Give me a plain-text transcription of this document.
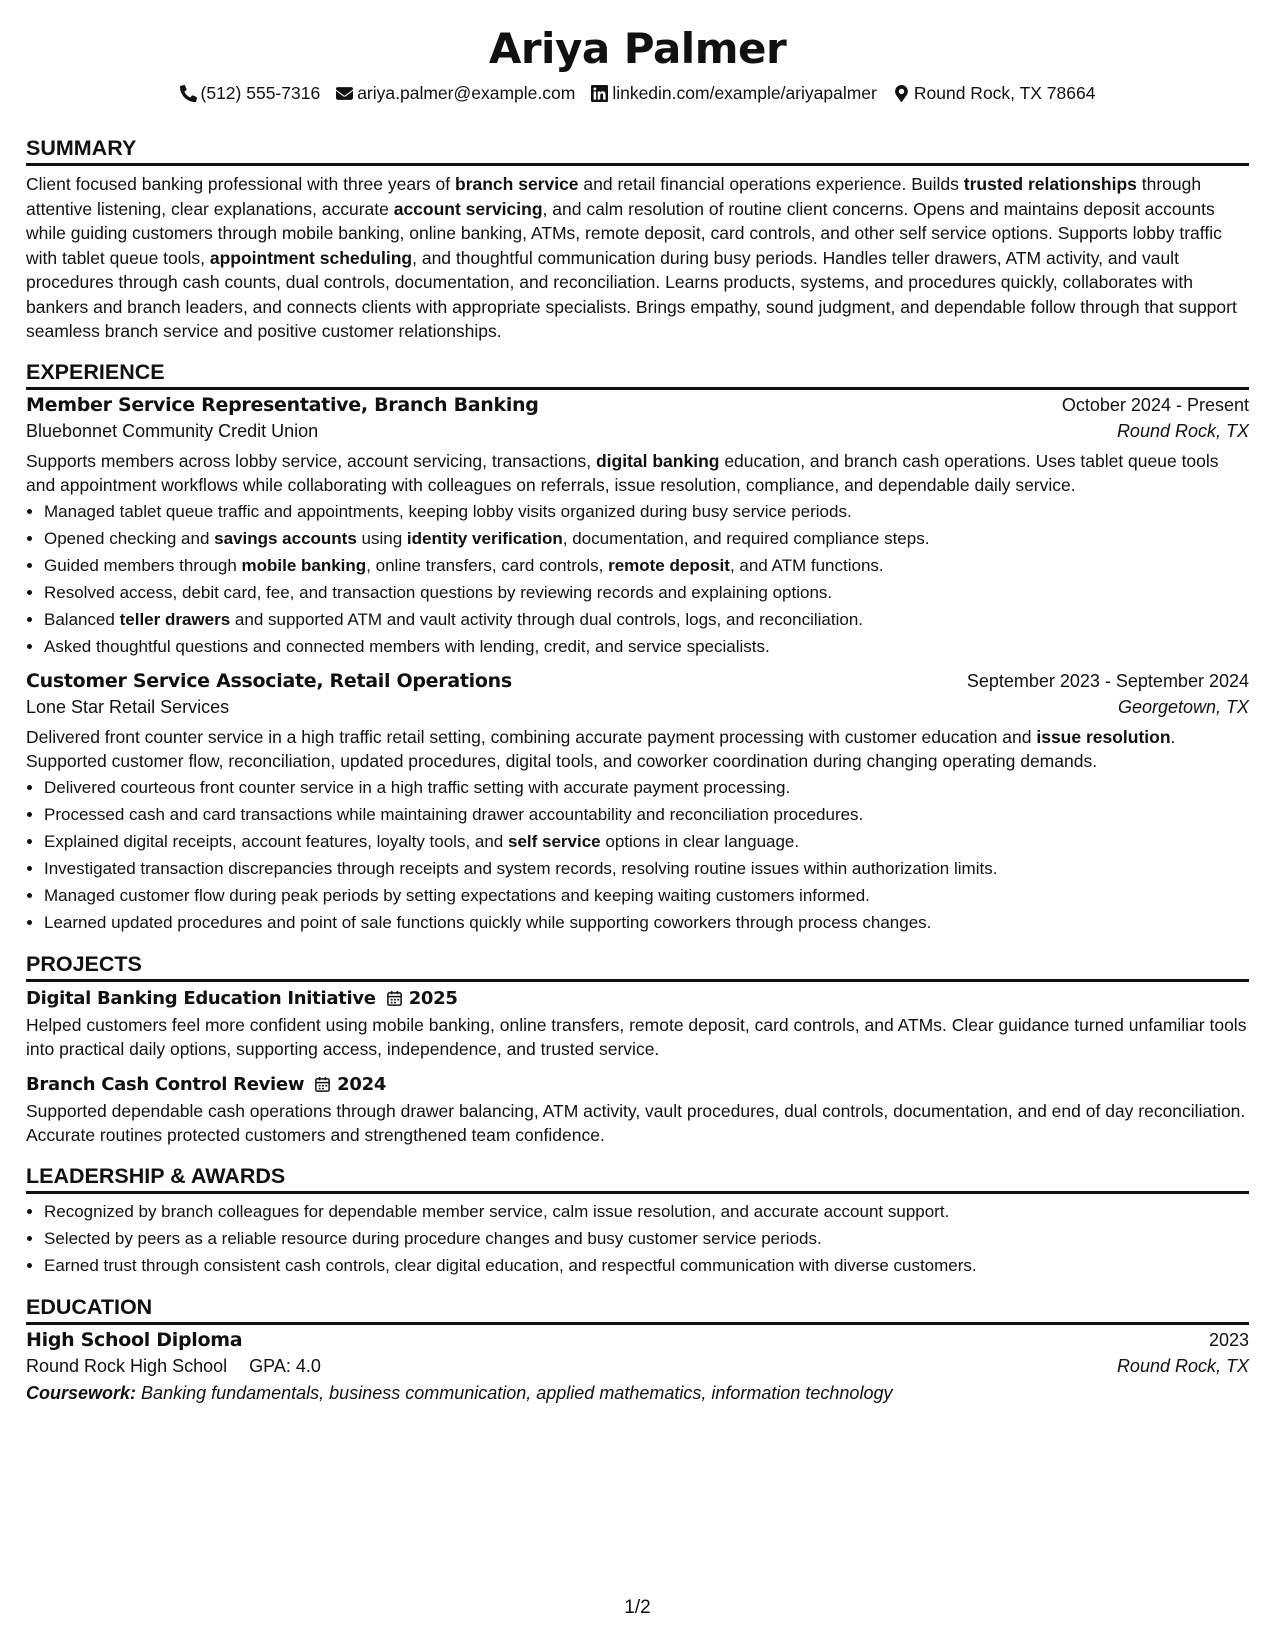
Ariya Palmer
(512) 555-7316 ariya.palmer@example.com linkedin.com/example/ariyapalmer Round Rock, TX 78664
SUMMARY

Client focused banking professional with three years of branch service and retail financial operations experience. Builds trusted relationships through attentive listening, clear explanations, accurate account servicing, and calm resolution of routine client concerns. Opens and maintains deposit accounts while guiding customers through mobile banking, online banking, ATMs, remote deposit, card controls, and other self service options. Supports lobby traffic with tablet queue tools, appointment scheduling, and thoughtful communication during busy periods. Handles teller drawers, ATM activity, and vault procedures through cash counts, dual controls, documentation, and reconciliation. Learns products, systems, and procedures quickly, collaborates with bankers and branch leaders, and connects clients with appropriate specialists. Brings empathy, sound judgment, and dependable follow through that support seamless branch service and positive customer relationships.

EXPERIENCE
Member Service Representative, Branch Banking	October 2024 - Present
Bluebonnet Community Credit Union	Round Rock, TX

Supports members across lobby service, account servicing, transactions, digital banking education, and branch cash operations. Uses tablet queue tools and appointment workflows while collaborating with colleagues on referrals, issue resolution, compliance, and dependable daily service.

• Managed tablet queue traffic and appointments, keeping lobby visits organized during busy service periods.
• Opened checking and savings accounts using identity verification, documentation, and required compliance steps.
• Guided members through mobile banking, online transfers, card controls, remote deposit, and ATM functions.
• Resolved access, debit card, fee, and transaction questions by reviewing records and explaining options.
• Balanced teller drawers and supported ATM and vault activity through dual controls, logs, and reconciliation.
• Asked thoughtful questions and connected members with lending, credit, and service specialists.
Customer Service Associate, Retail Operations	September 2023 - September 2024
Lone Star Retail Services	Georgetown, TX

Delivered front counter service in a high traffic retail setting, combining accurate payment processing with customer education and issue resolution. Supported customer flow, reconciliation, updated procedures, digital tools, and coworker coordination during changing operating demands.

• Delivered courteous front counter service in a high traffic setting with accurate payment processing.
• Processed cash and card transactions while maintaining drawer accountability and reconciliation procedures.
• Explained digital receipts, account features, loyalty tools, and self service options in clear language.
• Investigated transaction discrepancies through receipts and system records, resolving routine issues within authorization limits.
• Managed customer flow during peak periods by setting expectations and keeping waiting customers informed.
• Learned updated procedures and point of sale functions quickly while supporting coworkers through process changes.
PROJECTS
Digital Banking Education Initiative 2025

Helped customers feel more confident using mobile banking, online transfers, remote deposit, card controls, and ATMs. Clear guidance turned unfamiliar tools into practical daily options, supporting access, independence, and trusted service.

Branch Cash Control Review 2024

Supported dependable cash operations through drawer balancing, ATM activity, vault procedures, dual controls, documentation, and end of day reconciliation. Accurate routines protected customers and strengthened team confidence.

LEADERSHIP & AWARDS
• Recognized by branch colleagues for dependable member service, calm issue resolution, and accurate account support.
• Selected by peers as a reliable resource during procedure changes and busy customer service periods.
• Earned trust through consistent cash controls, clear digital education, and respectful communication with diverse customers.
EDUCATION
High School Diploma	2023
Round Rock High School GPA: 4.0	Round Rock, TX
Coursework: Banking fundamentals, business communication, applied mathematics, information technology
1/2
